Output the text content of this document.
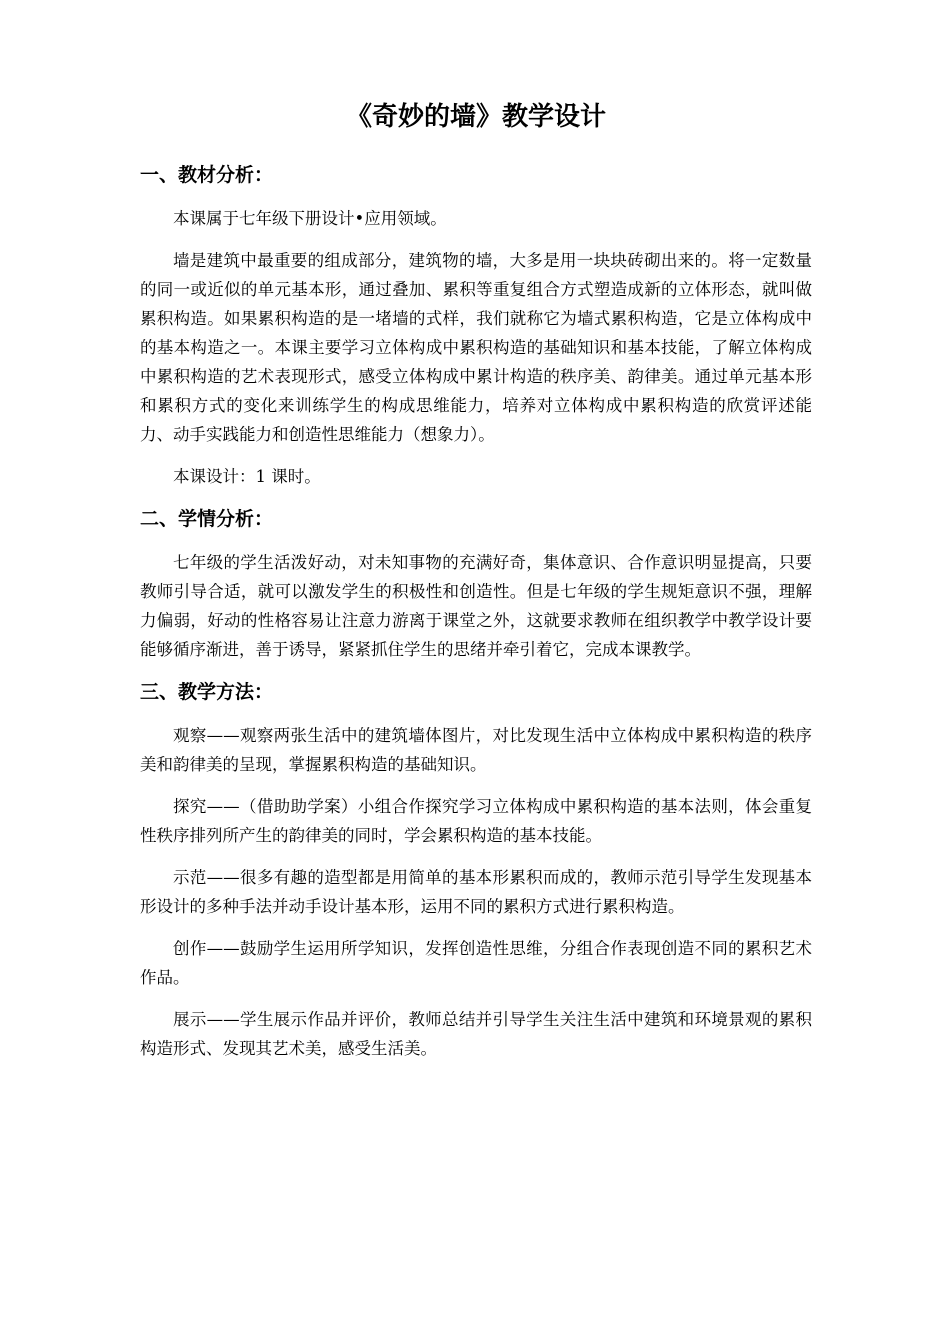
《奇妙的墙》教学设计
一、教材分析：

本课属于七年级下册设计•应用领域。

墙是建筑中最重要的组成部分，建筑物的墙，大多是用一块块砖砌出来的。将一定数量的同一或近似的单元基本形，通过叠加、累积等重复组合方式塑造成新的立体形态，就叫做累积构造。如果累积构造的是一堵墙的式样，我们就称它为墙式累积构造，它是立体构成中的基本构造之一。本课主要学习立体构成中累积构造的基础知识和基本技能，了解立体构成中累积构造的艺术表现形式，感受立体构成中累计构造的秩序美、韵律美。通过单元基本形和累积方式的变化来训练学生的构成思维能力，培养对立体构成中累积构造的欣赏评述能力、动手实践能力和创造性思维能力（想象力）。

本课设计：1 课时。

二、学情分析：

七年级的学生活泼好动，对未知事物的充满好奇，集体意识、合作意识明显提高，只要教师引导合适，就可以激发学生的积极性和创造性。但是七年级的学生规矩意识不强，理解力偏弱，好动的性格容易让注意力游离于课堂之外，这就要求教师在组织教学中教学设计要能够循序渐进，善于诱导，紧紧抓住学生的思绪并牵引着它，完成本课教学。

三、教学方法：

观察——观察两张生活中的建筑墙体图片，对比发现生活中立体构成中累积构造的秩序美和韵律美的呈现，掌握累积构造的基础知识。

探究——（借助助学案）小组合作探究学习立体构成中累积构造的基本法则，体会重复性秩序排列所产生的韵律美的同时，学会累积构造的基本技能。

示范——很多有趣的造型都是用简单的基本形累积而成的，教师示范引导学生发现基本形设计的多种手法并动手设计基本形，运用不同的累积方式进行累积构造。

创作——鼓励学生运用所学知识，发挥创造性思维，分组合作表现创造不同的累积艺术作品。

展示——学生展示作品并评价，教师总结并引导学生关注生活中建筑和环境景观的累积构造形式、发现其艺术美，感受生活美。
